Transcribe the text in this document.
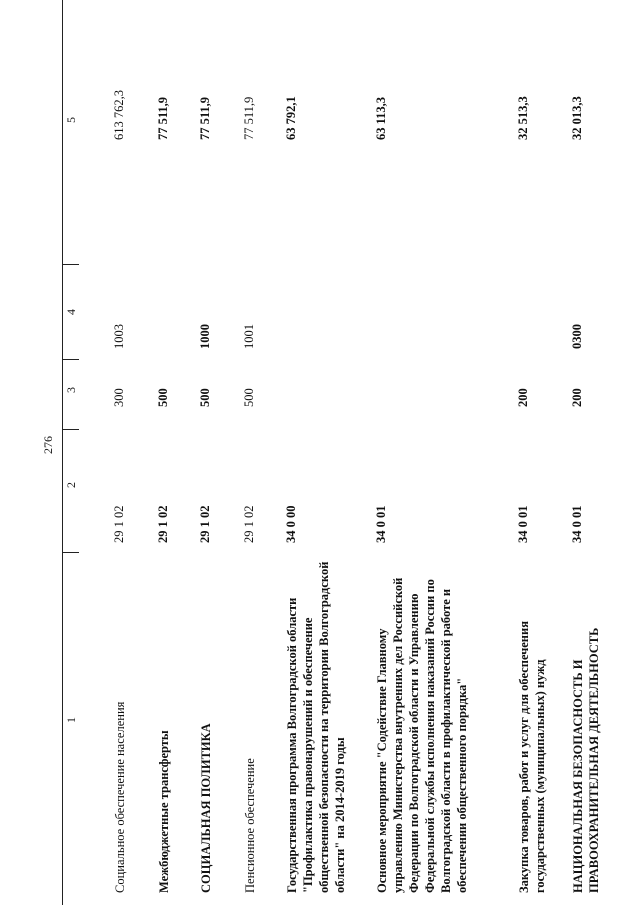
276
1
2
3
4
5
Социальное обеспечение населения
29 1 02
300
1003
613 762,3
Межбюджетные трансферты
29 1 02
500
77 511,9
СОЦИАЛЬНАЯ ПОЛИТИКА
29 1 02
500
1000
77 511,9
Пенсионное обеспечение
29 1 02
500
1001
77 511,9
Государственная программа Волгоградской области "Профилактика правонарушений и обеспечение общественной безопасности на территории Волгоградской области" на 2014-2019 годы
34 0 00
63 792,1
Основное мероприятие "Содействие Главному управлению Министерства внутренних дел Российской Федерации по Волгоградской области и Управлению Федеральной службы исполнения наказаний России по Волгоградской области в профилактической работе и обеспечении общественного порядка"
34 0 01
63 113,3
Закупка товаров, работ и услуг для обеспечения государственных (муниципальных) нужд
34 0 01
200
32 513,3
НАЦИОНАЛЬНАЯ БЕЗОПАСНОСТЬ И ПРАВООХРАНИТЕЛЬНАЯ ДЕЯТЕЛЬНОСТЬ
34 0 01
200
0300
32 013,3
